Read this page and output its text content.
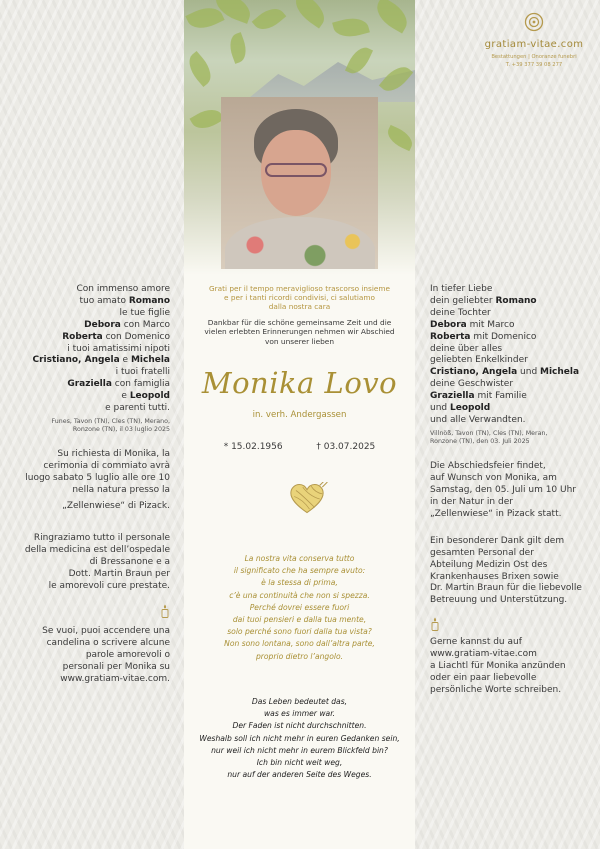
gratiam-vitae.com
Bestattungen | Onoranze funebri
T. +39 377 39 08 277
Con immenso amore
tuo amato Romano
le tue figlie
Debora con Marco
Roberta con Domenico
i tuoi amatissimi nipoti
Cristiano, Angela e Michela
i tuoi fratelli
Graziella con famiglia
e Leopold
e parenti tutti.
Funes, Tavon (TN), Cles (TN), Merano,
Ronzone (TN), il 03 luglio 2025
Su richiesta di Monika, la
cerimonia di commiato avrà
luogo sabato 5 luglio alle ore 10
nella natura presso la
„Zellenwiese“ di Pizack.
Ringraziamo tutto il personale
della medicina est dell’ospedale
di Bressanone e a
Dott. Martin Braun per
le amorevoli cure prestate.
Se vuoi, puoi accendere una
candelina o scrivere alcune
parole amorevoli o
personali per Monika su
www.gratiam-vitae.com.
In tiefer Liebe
dein geliebter Romano
deine Tochter
Debora mit Marco
Roberta mit Domenico
deine über alles
geliebten Enkelkinder
Cristiano, Angela und Michela
deine Geschwister
Graziella mit Familie
und Leopold
und alle Verwandten.
Villnöß, Tavon (TN), Cles (TN), Meran,
Ronzone (TN), den 03. Juli 2025
Die Abschiedsfeier findet,
auf Wunsch von Monika, am
Samstag, den 05. Juli um 10 Uhr
in der Natur in der
„Zellenwiese“ in Pizack statt.
Ein besonderer Dank gilt dem
gesamten Personal der
Abteilung Medizin Ost des
Krankenhauses Brixen sowie
Dr. Martin Braun für die liebevolle
Betreuung und Unterstützung.
Gerne kannst du auf
www.gratiam-vitae.com
a Liachtl für Monika anzünden
oder ein paar liebevolle
persönliche Worte schreiben.
Grati per il tempo meraviglioso trascorso insieme
e per i tanti ricordi condivisi, ci salutiamo
dalla nostra cara
Dankbar für die schöne gemeinsame Zeit und die
vielen erlebten Erinnerungen nehmen wir Abschied
von unserer lieben
Monika Lovo
in. verh. Andergassen
* 15.02.1956	† 03.07.2025
La nostra vita conserva tutto
il significato che ha sempre avuto:
è la stessa di prima,
c’è una continuità che non si spezza.
Perché dovrei essere fuori
dai tuoi pensieri e dalla tua mente,
solo perché sono fuori dalla tua vista?
Non sono lontana, sono dall’altra parte,
proprio dietro l’angolo.
Das Leben bedeutet das,
was es immer war.
Der Faden ist nicht durchschnitten.
Weshalb soll ich nicht mehr in euren Gedanken sein,
nur weil ich nicht mehr in eurem Blickfeld bin?
Ich bin nicht weit weg,
nur auf der anderen Seite des Weges.
